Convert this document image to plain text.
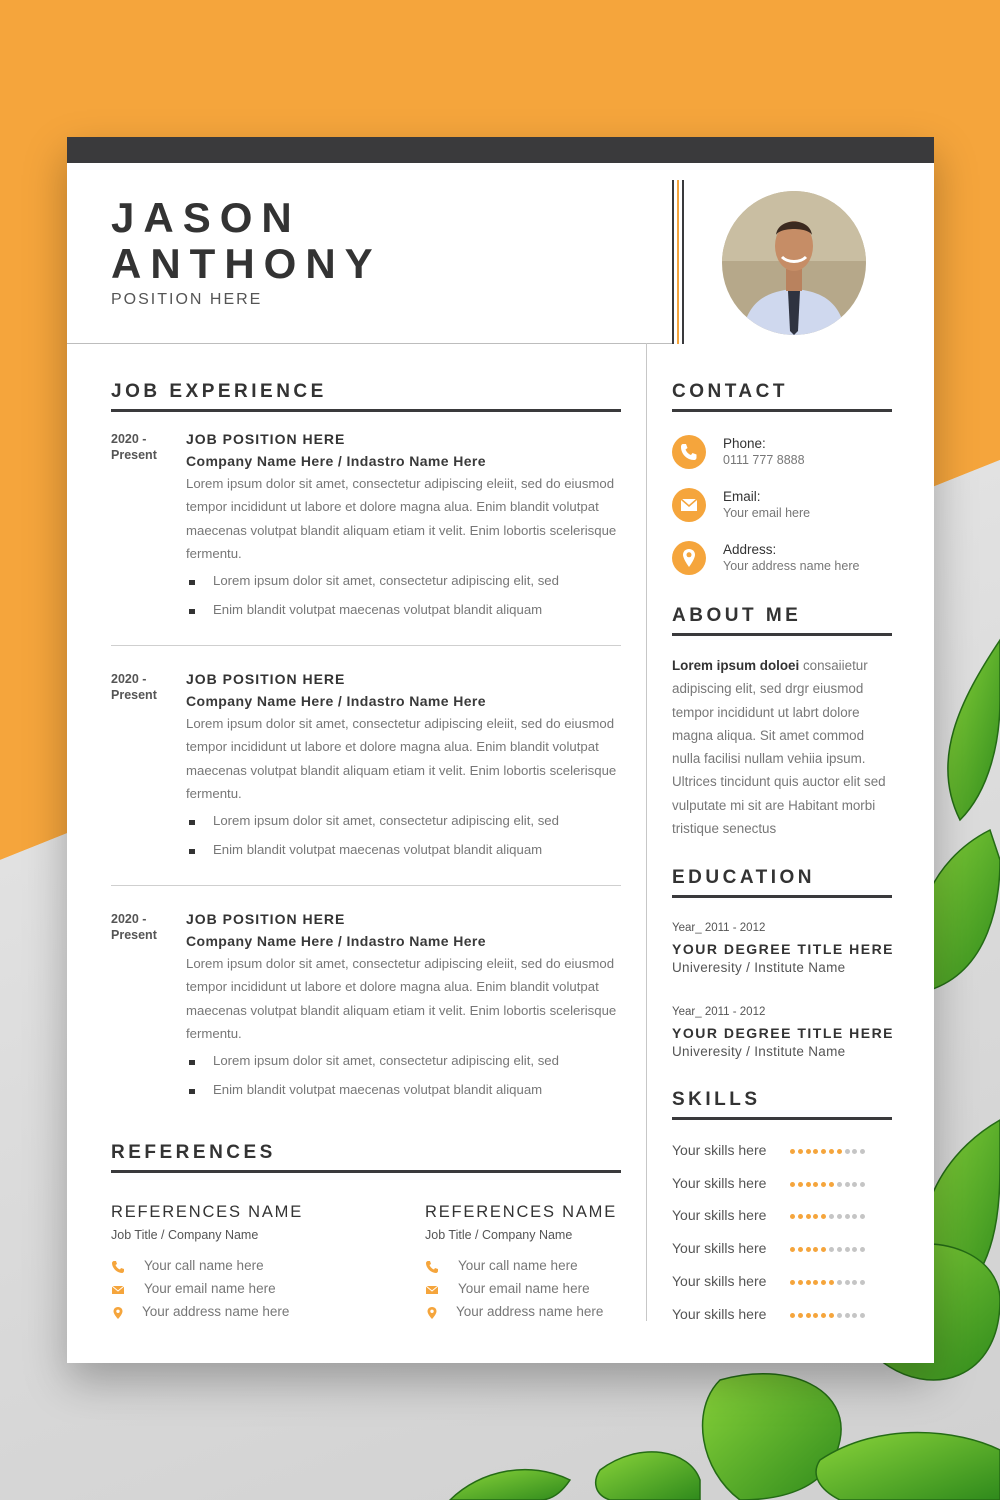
JASON
ANTHONY
POSITION HERE
JOB EXPERIENCE
2020 -
Present
JOB POSITION HERE
Company Name Here / Indastro Name Here
Lorem ipsum dolor sit amet, consectetur adipiscing eleiit, sed do eiusmod tempor incididunt ut labore et dolore magna alua. Enim blandit volutpat maecenas volutpat blandit aliquam etiam it velit. Enim lobortis scelerisque fermentu.
Lorem ipsum dolor sit amet, consectetur adipiscing elit, sed
Enim blandit volutpat maecenas volutpat blandit aliquam
2020 -
Present
JOB POSITION HERE
Company Name Here / Indastro Name Here
Lorem ipsum dolor sit amet, consectetur adipiscing eleiit, sed do eiusmod tempor incididunt ut labore et dolore magna alua. Enim blandit volutpat maecenas volutpat blandit aliquam etiam it velit. Enim lobortis scelerisque fermentu.
Lorem ipsum dolor sit amet, consectetur adipiscing elit, sed
Enim blandit volutpat maecenas volutpat blandit aliquam
2020 -
Present
JOB POSITION HERE
Company Name Here / Indastro Name Here
Lorem ipsum dolor sit amet, consectetur adipiscing eleiit, sed do eiusmod tempor incididunt ut labore et dolore magna alua. Enim blandit volutpat maecenas volutpat blandit aliquam etiam it velit. Enim lobortis scelerisque fermentu.
Lorem ipsum dolor sit amet, consectetur adipiscing elit, sed
Enim blandit volutpat maecenas volutpat blandit aliquam
REFERENCES
REFERENCES NAME
Job Title / Company Name
Your call name here
Your email name here
Your address name here
REFERENCES NAME
Job Title / Company Name
Your call name here
Your email name here
Your address name here
CONTACT
Phone:
0111 777 8888
Email:
Your email here
Address:
Your address name here
ABOUT ME
Lorem ipsum doloei consaiietur adipiscing elit, sed drgr eiusmod tempor incididunt ut labrt dolore magna aliqua. Sit amet commod nulla facilisi nullam vehiia ipsum. Ultrices tincidunt quis auctor elit sed vulputate mi sit are Habitant morbi tristique senectus
EDUCATION
Year_ 2011 - 2012
YOUR DEGREE TITLE HERE
Univeresity / Institute Name
Year_ 2011 - 2012
YOUR DEGREE TITLE HERE
Univeresity / Institute Name
SKILLS
Your skills here
Your skills here
Your skills here
Your skills here
Your skills here
Your skills here
